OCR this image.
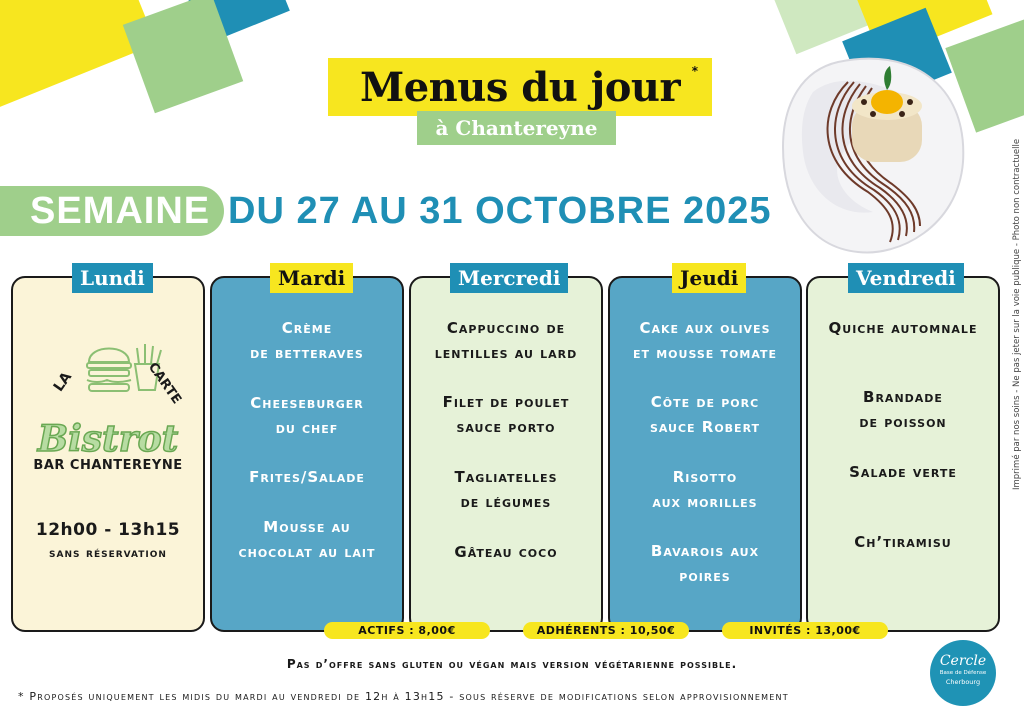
Menus du jour *
à Chantereyne
SEMAINE DU 27 AU 31 OCTOBRE 2025
LA	CARTE
Bistrot
BAR CHANTEREYNE
12h00 - 13h15
sans réservation
Lundi
Crème
de betteraves
Cheeseburger
du chef
Frites/Salade
Mousse au
chocolat au lait
Mardi
Cappuccino de
lentilles au lard
Filet de poulet
sauce porto
Tagliatelles
de légumes
Gâteau coco
Mercredi
Cake aux olives
et mousse tomate
Côte de porc
sauce Robert
Risotto
aux morilles
Bavarois aux
poires
Jeudi
Quiche automnale
Brandade
de poisson
Salade verte
Ch’tiramisu
Vendredi
ACTIFS : 8,00€	ADHÉRENTS : 10,50€	INVITÉS : 13,00€
Pas d’offre sans gluten ou végan mais version végétarienne possible.
* Proposés uniquement les midis du mardi au vendredi de 12h à 13h15 - sous réserve de modifications selon approvisionnement
Imprimé par nos soins - Ne pas jeter sur la voie publique - Photo non contractuelle
Cercle
Base de Défense
Cherbourg
